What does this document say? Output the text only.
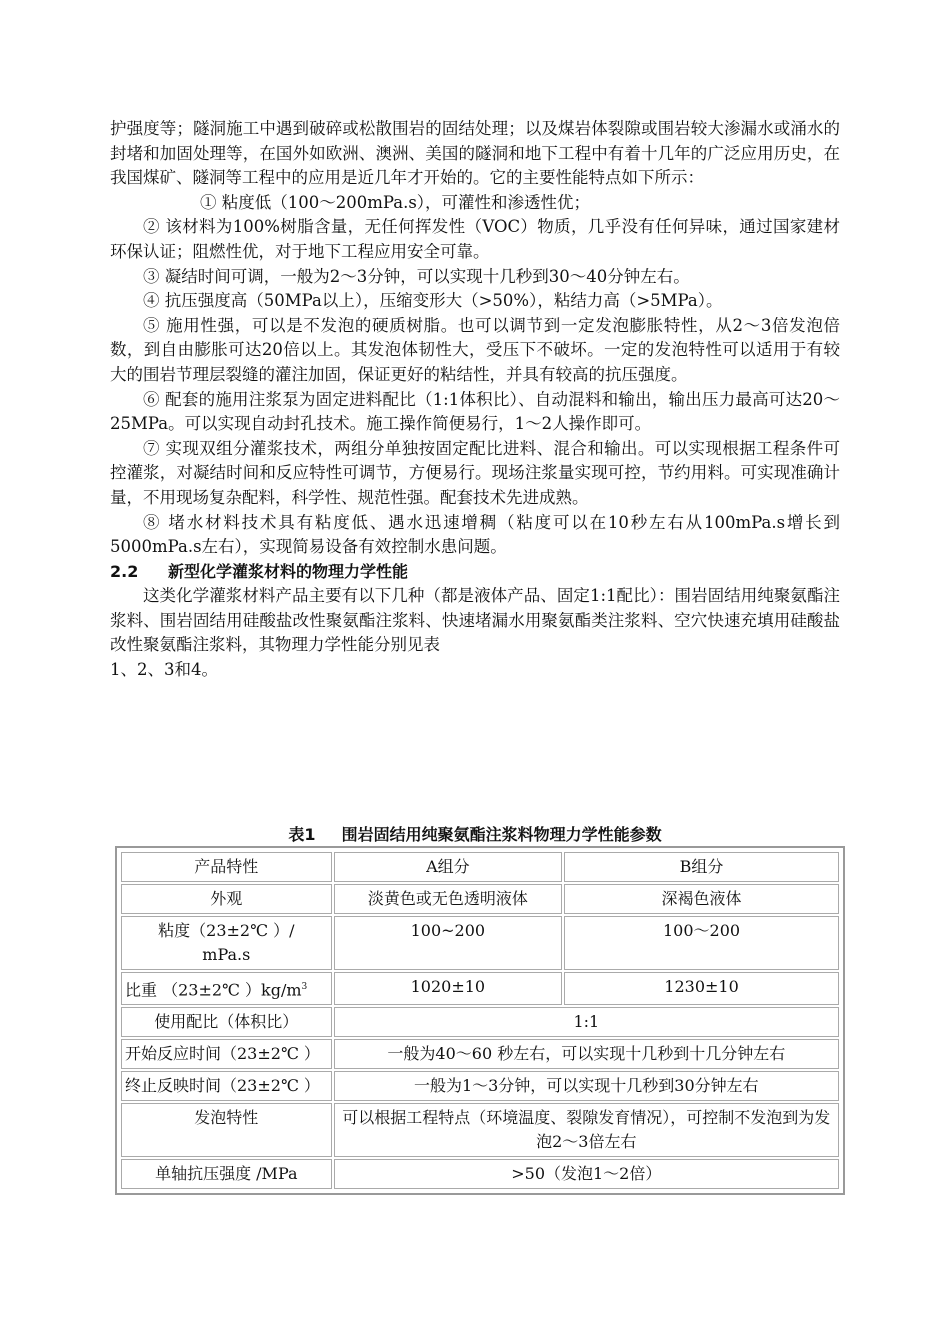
护强度等；隧洞施工中遇到破碎或松散围岩的固结处理；以及煤岩体裂隙或围岩较大渗漏水或涌水的封堵和加固处理等，在国外如欧洲、澳洲、美国的隧洞和地下工程中有着十几年的广泛应用历史，在我国煤矿、隧洞等工程中的应用是近几年才开始的。它的主要性能特点如下所示：

① 粘度低（100～200mPa.s），可灌性和渗透性优；

② 该材料为100%树脂含量，无任何挥发性（VOC）物质，几乎没有任何异味，通过国家建材环保认证；阻燃性优，对于地下工程应用安全可靠。

③ 凝结时间可调，一般为2～3分钟，可以实现十几秒到30～40分钟左右。

④ 抗压强度高（50MPa以上），压缩变形大（>50%），粘结力高（>5MPa）。

⑤ 施用性强，可以是不发泡的硬质树脂。也可以调节到一定发泡膨胀特性，从2～3倍发泡倍数，到自由膨胀可达20倍以上。其发泡体韧性大，受压下不破坏。一定的发泡特性可以适用于有较大的围岩节理层裂缝的灌注加固，保证更好的粘结性，并具有较高的抗压强度。

⑥ 配套的施用注浆泵为固定进料配比（1:1体积比）、自动混料和输出，输出压力最高可达20～25MPa。可以实现自动封孔技术。施工操作简便易行，1～2人操作即可。

⑦ 实现双组分灌浆技术，两组分单独按固定配比进料、混合和输出。可以实现根据工程条件可控灌浆，对凝结时间和反应特性可调节，方便易行。现场注浆量实现可控，节约用料。可实现准确计量，不用现场复杂配料，科学性、规范性强。配套技术先进成熟。

⑧ 堵水材料技术具有粘度低、遇水迅速增稠（粘度可以在10秒左右从100mPa.s增长到5000mPa.s左右），实现简易设备有效控制水患问题。

2.2 新型化学灌浆材料的物理力学性能

这类化学灌浆材料产品主要有以下几种（都是液体产品、固定1:1配比）：围岩固结用纯聚氨酯注浆料、围岩固结用硅酸盐改性聚氨酯注浆料、快速堵漏水用聚氨酯类注浆料、空穴快速充填用硅酸盐改性聚氨酯注浆料，其物理力学性能分别见表

1、2、3和4。

表1 围岩固结用纯聚氨酯注浆料物理力学性能参数
产品特性	A组分	B组分
外观	淡黄色或无色透明液体	深褐色液体
粘度（23±2℃ ）/ mPa.s	100~200	100～200
比重 （23±2℃ ）$kg/m^3$	1020±10	1230±10
使用配比（体积比）	1:1	
开始反应时间（23±2℃ ）	一般为40～60 秒左右，可以实现十几秒到十几分钟左右	
终止反映时间（23±2℃ ）	一般为1～3分钟，可以实现十几秒到30分钟左右	
发泡特性	可以根据工程特点（环境温度、裂隙发育情况），可控制不发泡到为发泡2～3倍左右	
单轴抗压强度 /MPa	>50（发泡1～2倍）	
